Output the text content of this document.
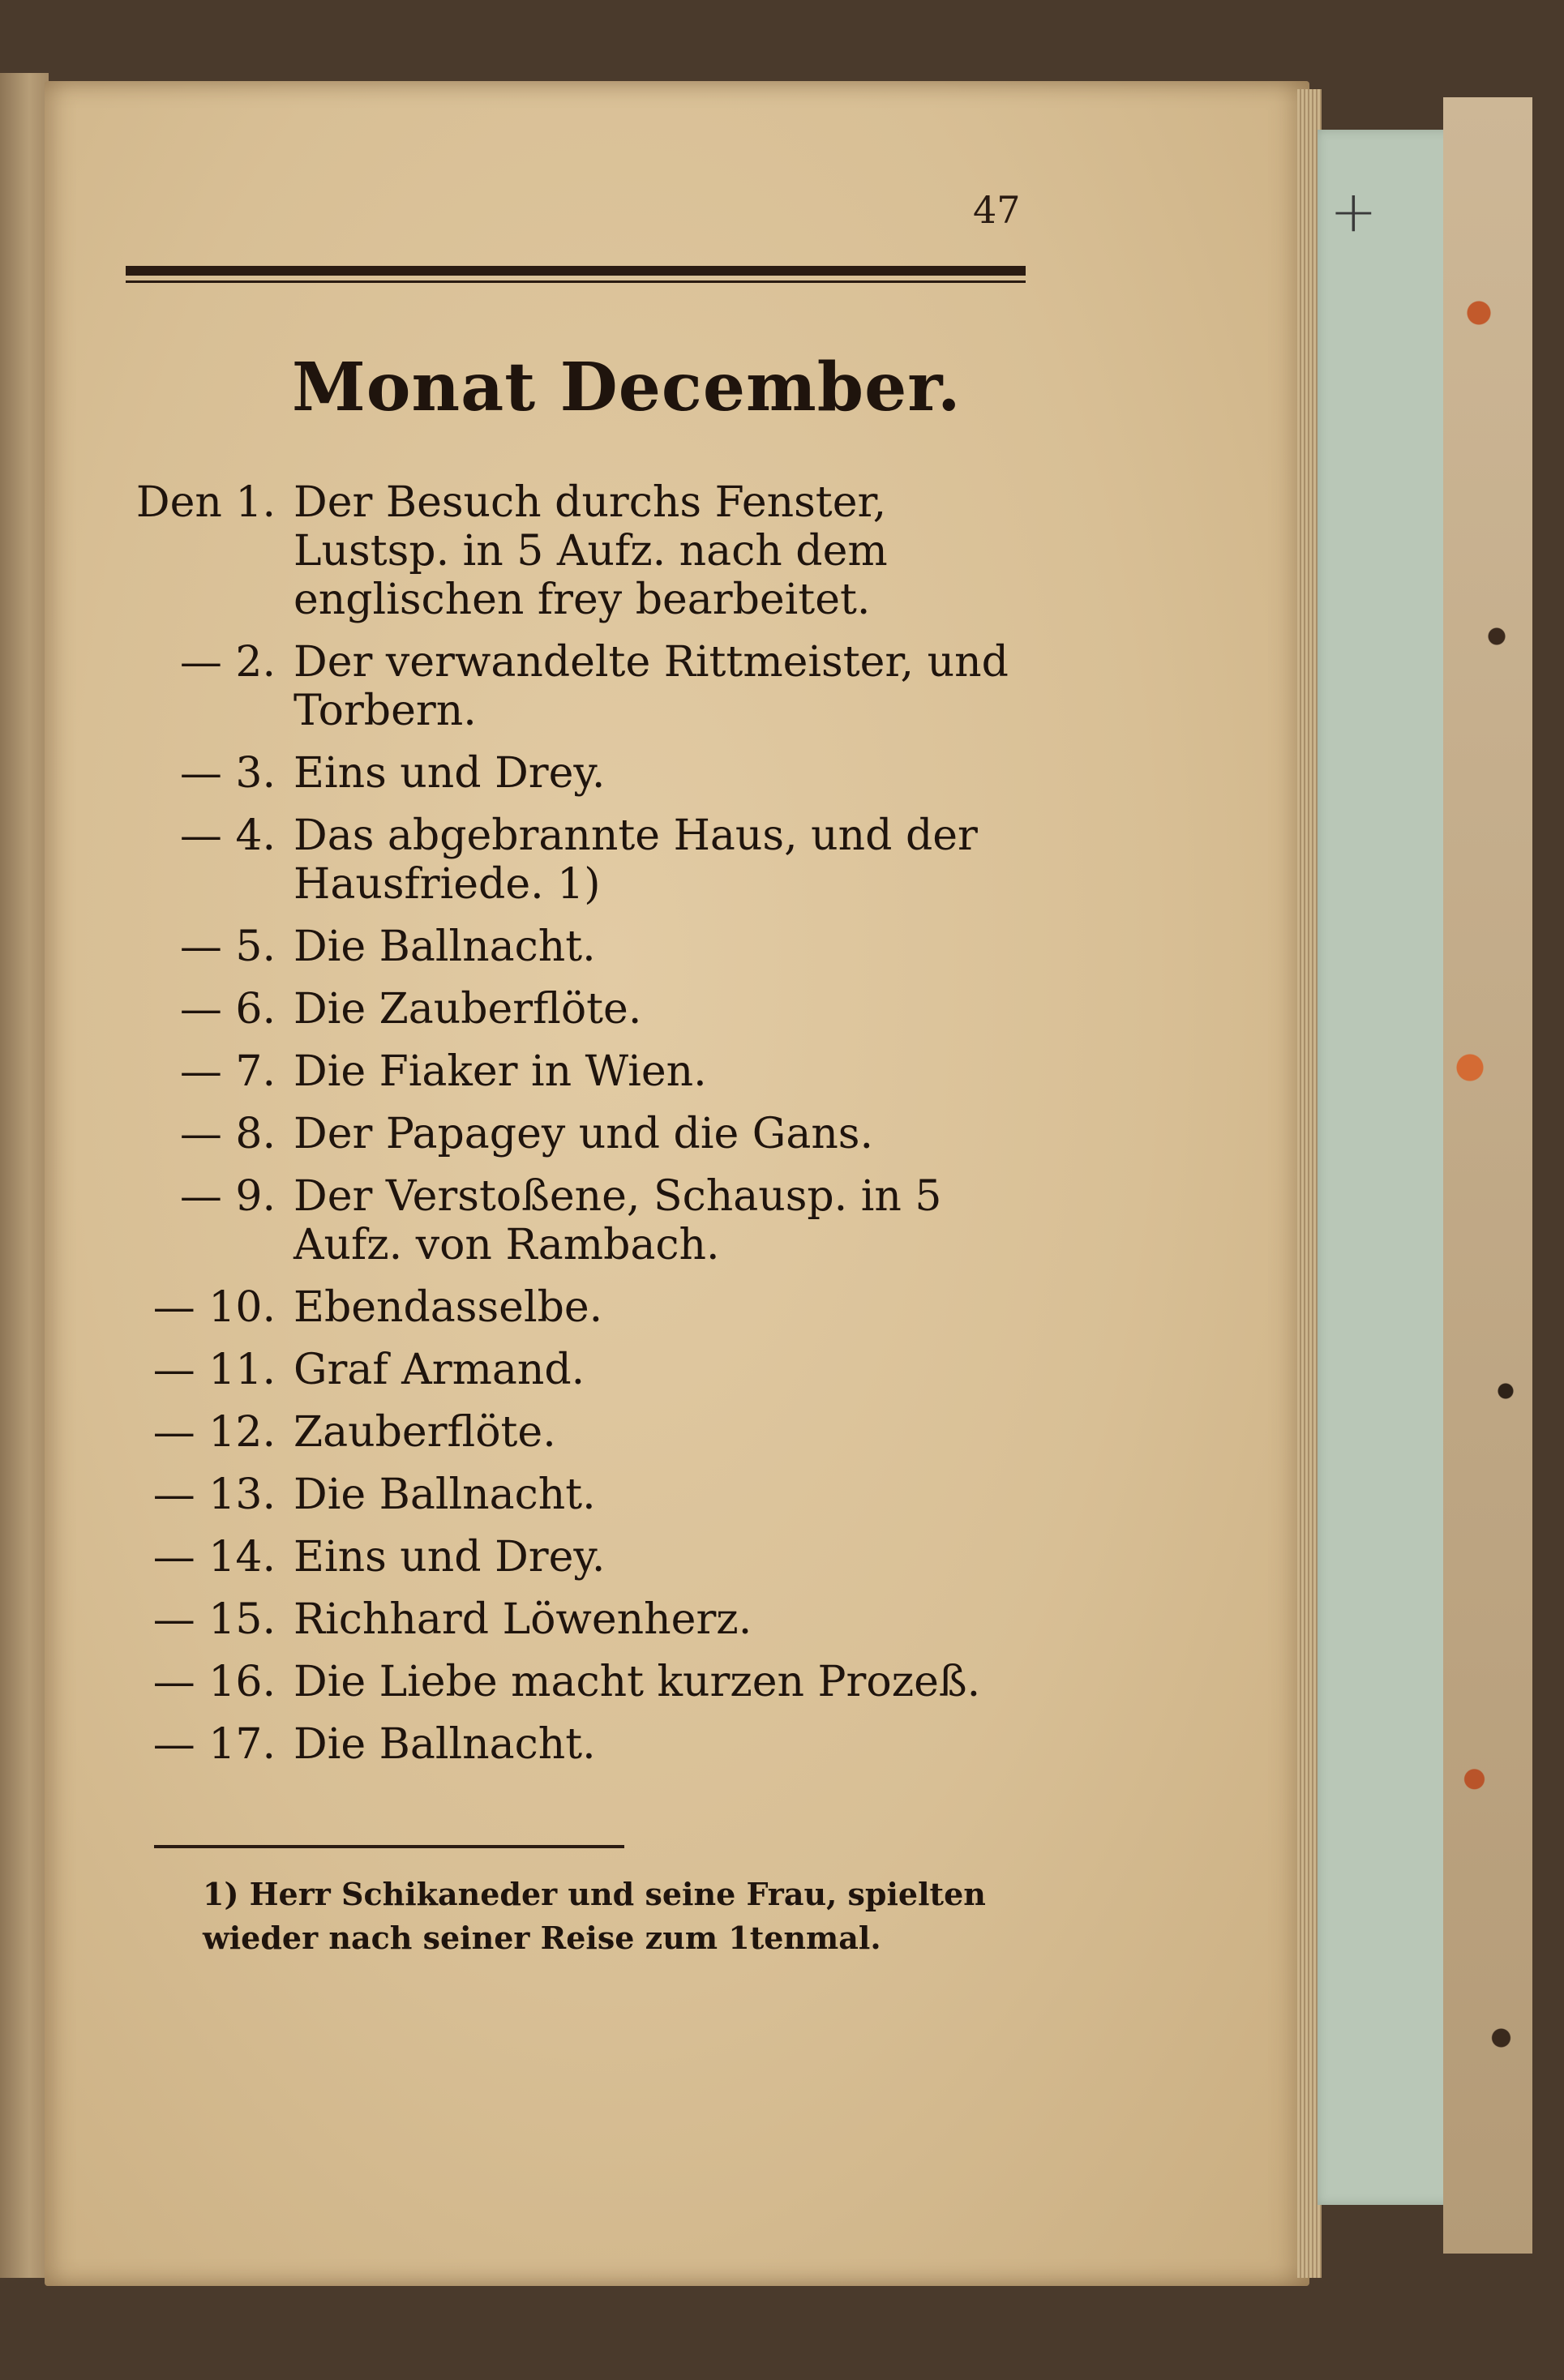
+
47
Monat December.
Den 1. Der Besuch durchs Fenster, Lustsp. in 5 Aufz. nach dem englischen frey bearbeitet.
— 2. Der verwandelte Rittmeister, und Torbern.
— 3. Eins und Drey.
— 4. Das abgebrannte Haus, und der Hausfriede. 1)
— 5. Die Ballnacht.
— 6. Die Zauberflöte.
— 7. Die Fiaker in Wien.
— 8. Der Papagey und die Gans.
— 9. Der Verstoßene, Schausp. in 5 Aufz. von Rambach.
— 10. Ebendasselbe.
— 11. Graf Armand.
— 12. Zauberflöte.
— 13. Die Ballnacht.
— 14. Eins und Drey.
— 15. Richhard Löwenherz.
— 16. Die Liebe macht kurzen Prozeß.
— 17. Die Ballnacht.
1) Herr Schikaneder und seine Frau, spielten wieder nach seiner Reise zum 1tenmal.
